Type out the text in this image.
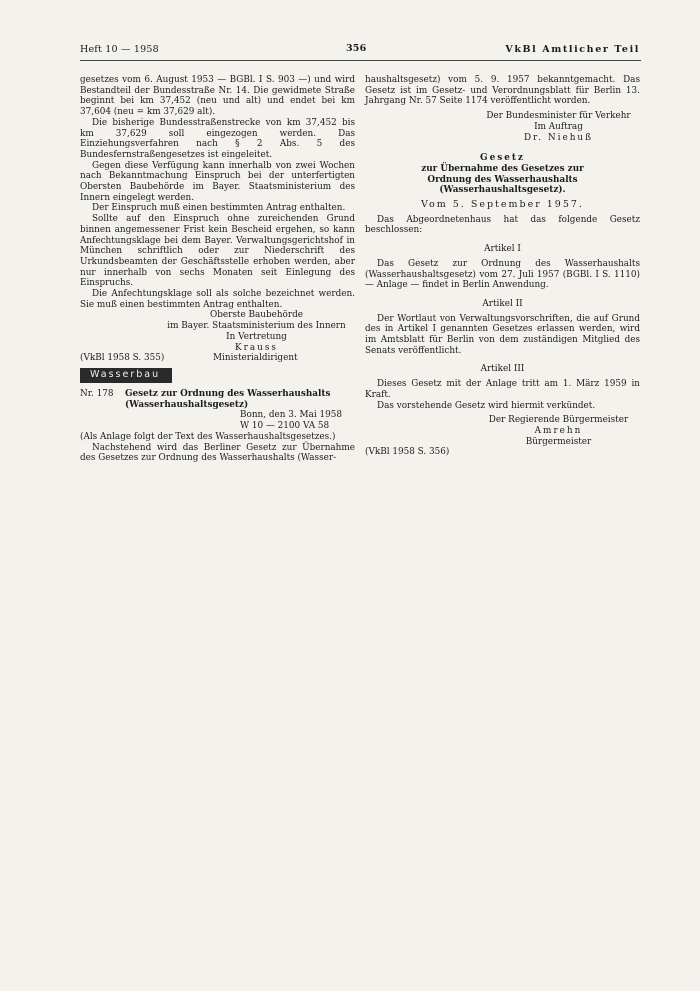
Heft 10 — 1958	356	VkBl Amtlicher Teil

gesetzes vom 6. August 1953 — BGBl. I S. 903 —) und wird Bestandteil der Bundesstraße Nr. 14. Die gewidmete Straße beginnt bei km 37,452 (neu und alt) und endet bei km 37,604 (neu = km 37,629 alt).

Die bisherige Bundesstraßenstrecke von km 37,452 bis km 37,629 soll eingezogen werden. Das Einziehungsverfahren nach § 2 Abs. 5 des Bundesfernstraßengesetzes ist eingeleitet.

Gegen diese Verfügung kann innerhalb von zwei Wochen nach Bekanntmachung Einspruch bei der unterfertigten Obersten Baubehörde im Bayer. Staatsministerium des Innern eingelegt werden.

Der Einspruch muß einen bestimmten Antrag enthalten.

Sollte auf den Einspruch ohne zureichenden Grund binnen angemessener Frist kein Bescheid ergehen, so kann Anfechtungsklage bei dem Bayer. Verwaltungsgerichtshof in München schriftlich oder zur Niederschrift des Urkundsbeamten der Geschäftsstelle erhoben werden, aber nur innerhalb von sechs Monaten seit Einlegung des Einspruchs.

Die Anfechtungsklage soll als solche bezeichnet werden. Sie muß einen bestimmten Antrag enthalten.

Oberste Baubehörde

im Bayer. Staatsministerium des Innern

In Vertretung

Krauss

(VkBl 1958 S. 355)	Ministerialdirigent
Wasserbau
Nr. 178	Gesetz zur Ordnung des Wasserhaushalts (Wasserhaushaltsgesetz)

Bonn, den 3. Mai 1958

W 10 — 2100 VA 58

(Als Anlage folgt der Text des Wasserhaushaltsgesetzes.)

Nachstehend wird das Berliner Gesetz zur Übernahme des Gesetzes zur Ordnung des Wasserhaushalts (Wasser-

haushaltsgesetz) vom 5. 9. 1957 bekanntgemacht. Das Gesetz ist im Gesetz- und Verordnungsblatt für Berlin 13. Jahrgang Nr. 57 Seite 1174 veröffentlicht worden.

Der Bundesminister für Verkehr

Im Auftrag

Dr. Niehuß

Gesetz

zur Übernahme des Gesetzes zur

Ordnung des Wasserhaushalts (Wasserhaushaltsgesetz).

Vom 5. September 1957.

Das Abgeordnetenhaus hat das folgende Gesetz beschlossen:

Artikel I

Das Gesetz zur Ordnung des Wasserhaushalts (Wasserhaushaltsgesetz) vom 27. Juli 1957 (BGBl. I S. 1110) — Anlage — findet in Berlin Anwendung.

Artikel II

Der Wortlaut von Verwaltungsvorschriften, die auf Grund des in Artikel I genannten Gesetzes erlassen werden, wird im Amtsblatt für Berlin von dem zuständigen Mitglied des Senats veröffentlicht.

Artikel III

Dieses Gesetz mit der Anlage tritt am 1. März 1959 in Kraft.

Das vorstehende Gesetz wird hiermit verkündet.

Der Regierende Bürgermeister

Amrehn

Bürgermeister

(VkBl 1958 S. 356)
